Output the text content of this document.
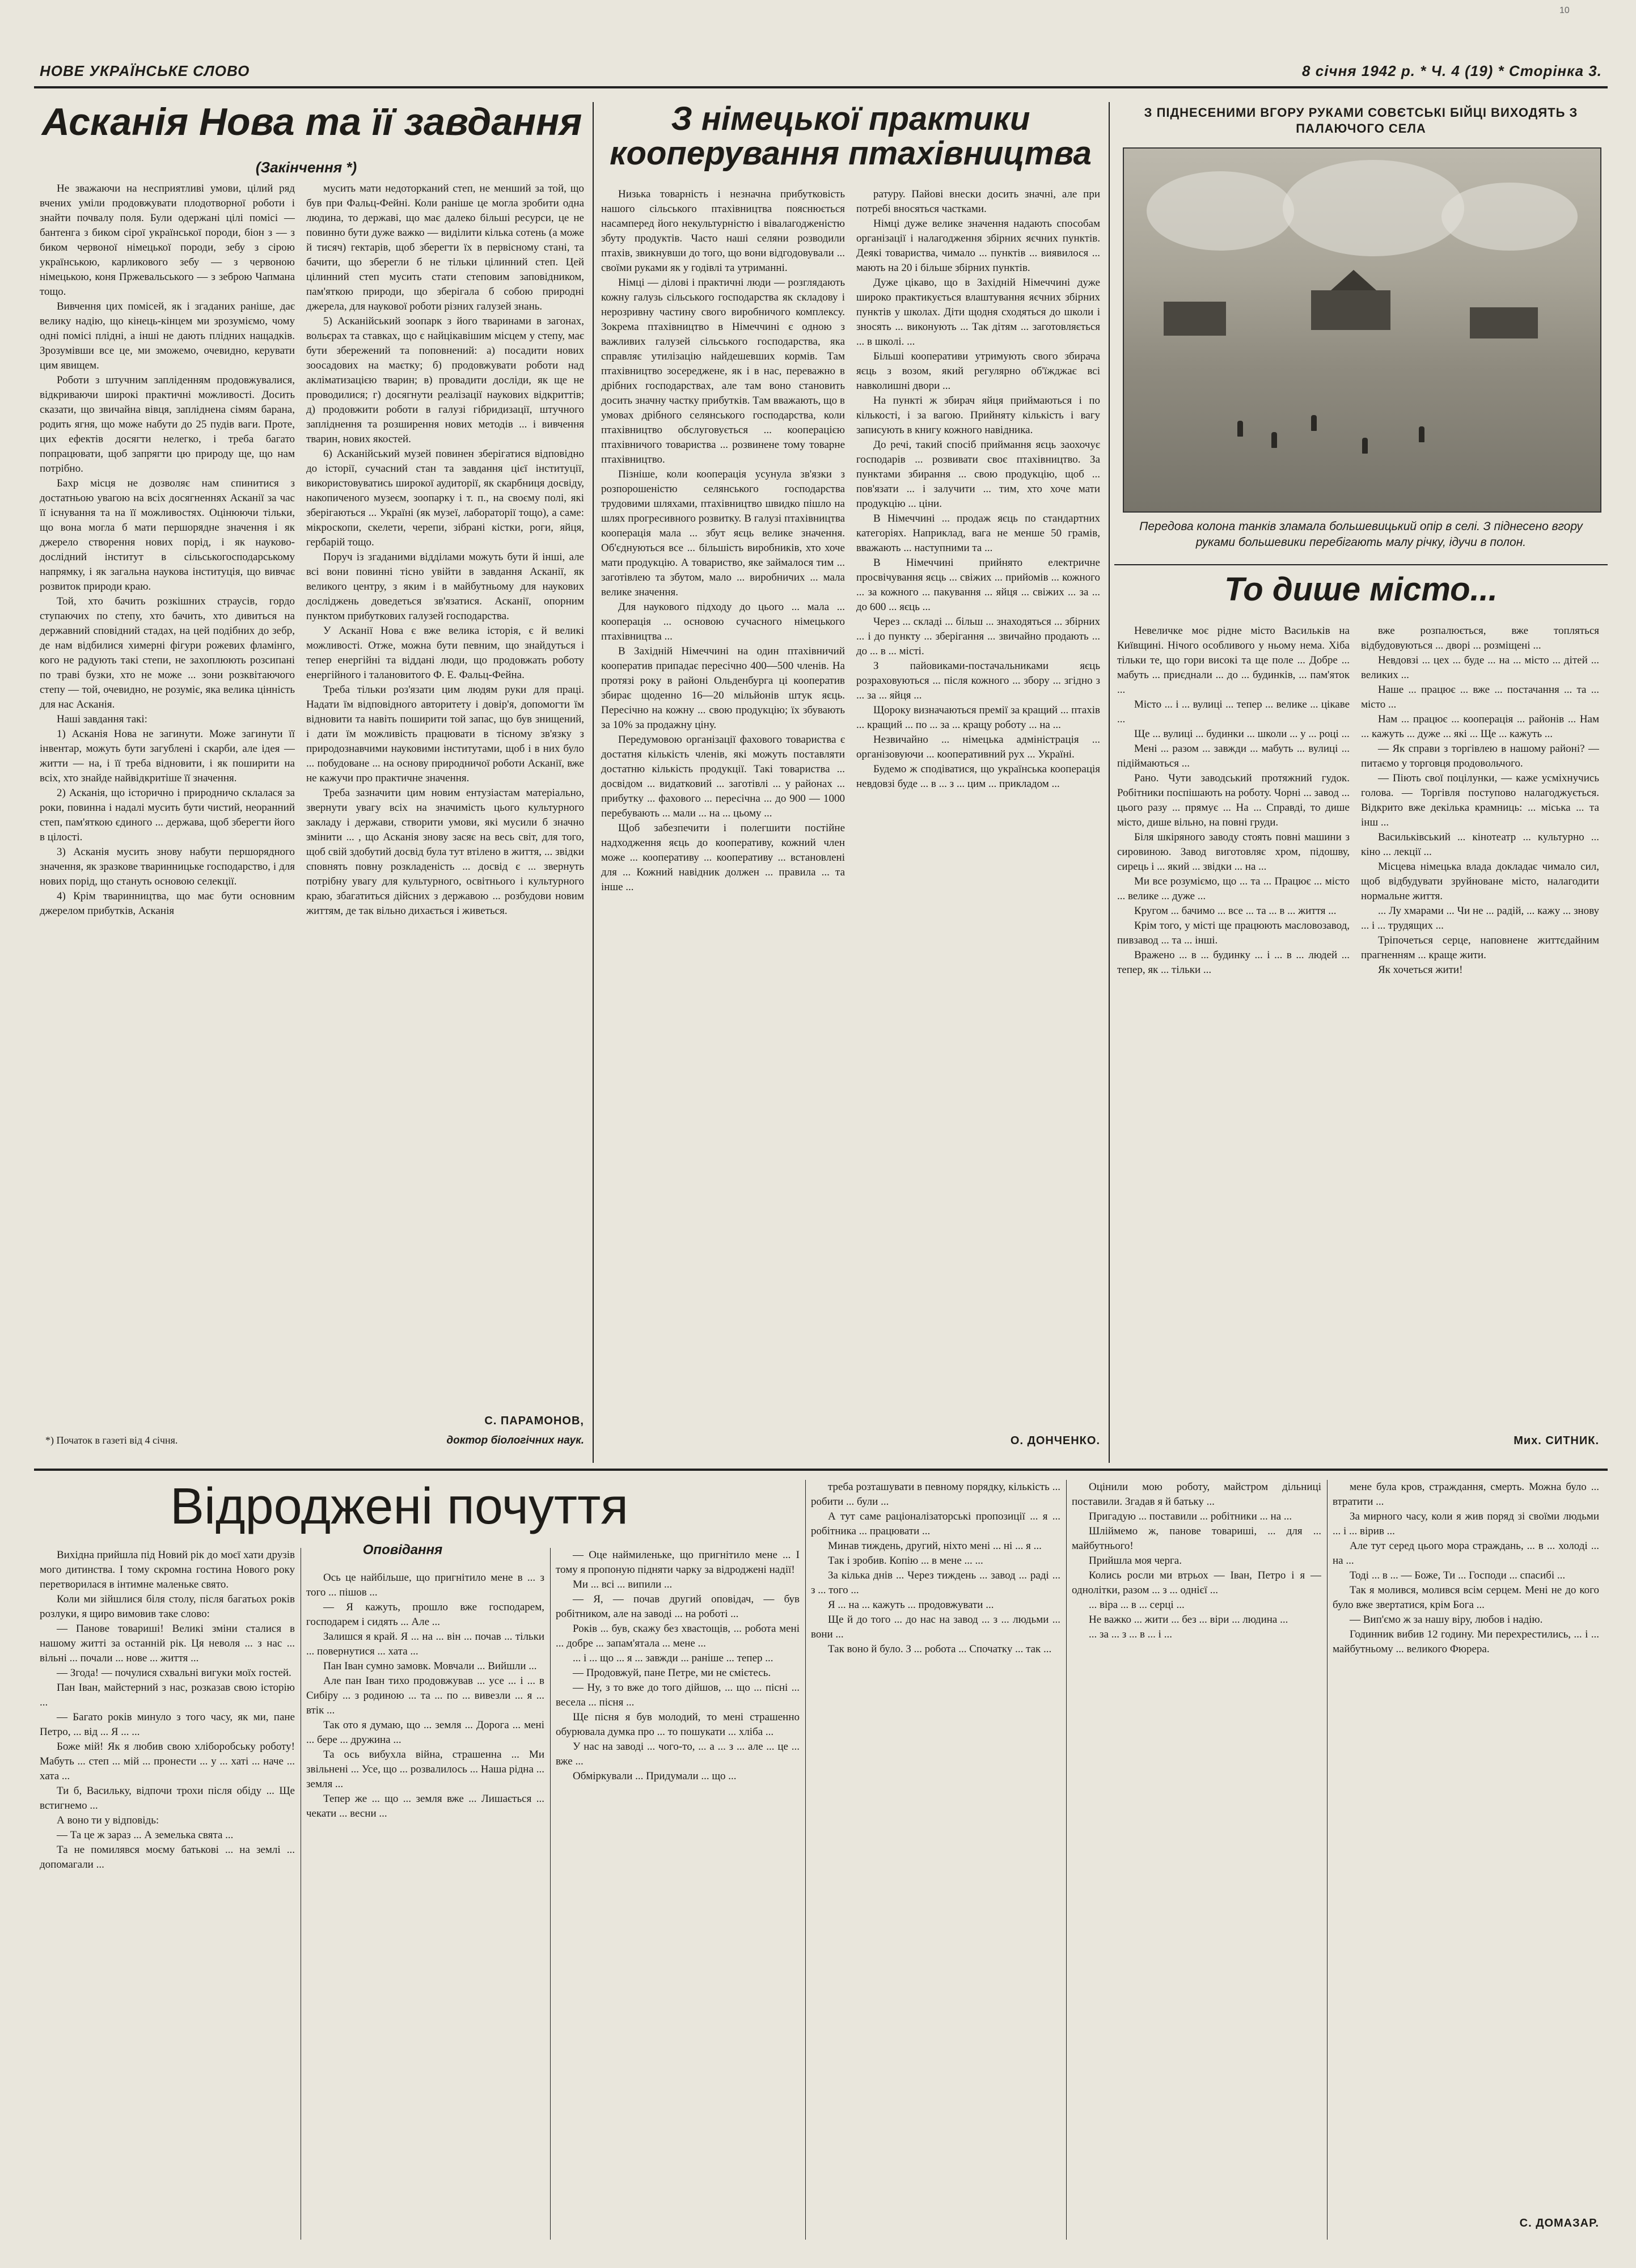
НОВЕ УКРАЇНСЬКЕ СЛОВО	8 січня 1942 р. * Ч. 4 (19) * Сторінка 3.
10
Асканія Нова та її завдання
(Закінчення *)

Не зважаючи на несприятливі умови, цілий ряд вчених уміли продовжувати плодотворної роботи і знайти почвалу поля. Були одержані цілі помісі — бантенга з биком сірої української породи, біон з — з биком червоної німецької породи, зебу з сірою українською, карликового зебу — з червоною німецькою, коня Пржевальського — з зеброю Чапмана тощо.

Вивчення цих помісей, як і згаданих раніше, дає велику надію, що кінець-кінцем ми зрозуміємо, чому одні помісі плідні, а інші не дають плідних нащадків. Зрозумівши все це, ми зможемо, очевидно, керувати цим явищем.

Роботи з штучним запліденням продовжувалися, відкриваючи широкі практичні можливості. Досить сказати, що звичайна вівця, запліднена сімям барана, родить ягня, що може набути до 25 пудів ваги. Проте, цих ефектів досягти нелегко, і треба багато попрацювати, щоб запрягти цю природу ще, що нам потрібно.

Бахр місця не дозволяє нам спинитися з достатньою увагою на всіх досягненнях Асканії за час її існування та на її можливостях. Оцінюючи тільки, що вона могла б мати першорядне значення і як джерело створення нових порід, і як науково-дослідний інститут в сільськогосподарському напрямку, і як загальна наукова інституція, що вивчає розвиток природи краю.

Той, хто бачить розкішних страусів, гордо ступаючих по степу, хто бачить, хто дивиться на державний сповідний стадах, на цей подібних до зебр, де нам відбилися химерні фігури рожевих фламінго, кого не радують такі степи, не захоплюють розсипані по траві бузки, хто не може ... зони розквітаючого степу — той, очевидно, не розуміє, яка велика цінність для нас Асканія.

Наші завдання такі:

1) Асканія Нова не загинути. Може загинути її інвентар, можуть бути загублені і скарби, але ідея — житти — на, і її треба відновити, і як поширити на всіх, хто знайде найвідкритіше її значення.

2) Асканія, що історично і природничо склалася за роки, повинна і надалі мусить бути чистий, неоранний степ, пам'яткою єдиного ... держава, щоб зберегти його в цілості.

3) Асканія мусить знову набути першорядного значення, як зразкове тваринницьке господарство, і для нових порід, що стануть основою селекції.

4) Крім тваринництва, що має бути основним джерелом прибутків, Асканія

мусить мати недоторканий степ, не менший за той, що був при Фальц-Фейні. Коли раніше це могла зробити одна людина, то державі, що має далеко більші ресурси, це не повинно бути дуже важко — виділити кілька сотень (а може й тисяч) гектарів, щоб зберегти їх в первісному стані, та бачити, що зберегли б не тільки цілинний степ. Цей цілинний степ мусить стати степовим заповідником, пам'яткою природи, що зберігала б собою природні джерела, для наукової роботи різних галузей знань.

5) Асканійський зоопарк з його тваринами в загонах, вольєрах та ставках, що є найцікавішим місцем у степу, має бути збережений та поповнений: а) посадити нових зоосадових на маєтку; б) продовжувати роботи над акліматизацією тварин; в) провадити досліди, як ще не проводилися; г) досягнути реалізації наукових відкриттів; д) продовжити роботи в галузі гібридизації, штучного запліднення та розширення нових методів ... і вивчення тварин, нових якостей.

6) Асканійський музей повинен зберігатися відповідно до історії, сучасний стан та завдання цієї інституції, використовуватись широкої аудиторії, як скарбниця досвіду, накопиченого музеєм, зоопарку і т. п., на своєму полі, які зберігаються ... Україні (як музеї, лабораторії тощо), а саме: мікроскопи, скелети, черепи, зібрані кістки, роги, яйця, гербарій тощо.

Поруч із згаданими відділами можуть бути й інші, але всі вони повинні тісно увійти в завдання Асканії, як великого центру, з яким і в майбутньому для наукових досліджень доведеться зв'язатися. Асканії, опорним пунктом прибуткових галузей господарства.

У Асканії Нова є вже велика історія, є й великі можливості. Отже, можна бути певним, що знайдуться і тепер енергійні та віддані люди, що продовжать роботу енергійного і талановитого Ф. Е. Фальц-Фейна.

Треба тільки роз'язати цим людям руки для праці. Надати їм відповідного авторитету і довір'я, допомогти їм відновити та навіть поширити той запас, що був знищений, і дати їм можливість працювати в тісному зв'язку з природознавчими науковими інститутами, щоб і в них було ... побудоване ... на основу природничої роботи Асканії, вже не кажучи про практичне значення.

Треба зазначити цим новим ентузіастам матеріально, звернути увагу всіх на значимість цього культурного закладу і держави, створити умови, які мусили б значно змінити ... , що Асканія знову засяє на весь світ, для того, щоб свій здобутий досвід була тут втілено в життя, ... звідки сповнять повну розкладеність ... досвід є ... звернуть потрібну увагу для культурного, освітнього і культурного краю, збагатиться дійсних з державою ... розбудови новим життям, де так вільно дихається і живеться.

С. ПАРАМОНОВ,
доктор біологічних наук.
*) Початок в газеті від 4 січня.
З німецької практики кооперування птахівництва

Низька товарність і незначна прибутковість нашого сільського птахівництва пояснюється насамперед його некультурністю і вівалагодженістю збуту продуктів. Часто наші селяни розводили птахів, звикнувши до того, що вони відгодовували ... своїми руками як у годівлі та утриманні.

Німці — ділові і практичні люди — розглядають кожну галузь сільського господарства як складову і нерозривну частину свого виробничого комплексу. Зокрема птахівництво в Німеччині є одною з важливих галузей сільського господарства, яка справляє утилізацію найдешевших кормів. Там птахівництво зосереджене, як і в нас, переважно в дрібних господарствах, але там воно становить досить значну частку прибутків. Там вважають, що в умовах дрібного селянського господарства, коли птахівництво обслуговується ... кооперацією птахівничого товариства ... розвинене тому товарне птахівництво.

Пізніше, коли кооперація усунула зв'язки з розпорошеністю селянського господарства трудовими шляхами, птахівництво швидко пішло на шлях прогресивного розвитку. В галузі птахівництва кооперація мала ... збут яєць велике значення. Об'єднуються все ... більшість виробників, хто хоче мати продукцію. А товариство, яке займалося тим ... заготівлею та збутом, мало ... виробничих ... мала велике значення.

Для наукового підходу до цього ... мала ... кооперація ... основою сучасного німецького птахівництва ...

В Західній Німеччині на один птахівничий кооператив припадає пересічно 400—500 членів. На протязі року в районі Ольденбурга ці кооператив збирає щоденно 16—20 мільйонів штук яєць. Пересічно на кожну ... свою продукцію; їх збувають за 10% за продажну ціну.

Передумовою організації фахового товариства є достатня кількість членів, які можуть поставляти достатню кількість продукції. Такі товариства ... досвідом ... видатковий ... заготівлі ... у районах ... прибутку ... фахового ... пересічна ... до 900 — 1000 перебувають ... мали ... на ... цьому ...

Щоб забезпечити і полегшити постійне надходження яєць до кооперативу, кожний член може ... кооперативу ... кооперативу ... встановлені для ... Кожний навідник должен ... правила ... та інше ...

ратуру. Пайові внески досить значні, але при потребі вносяться частками.

Німці дуже велике значення надають способам організації і налагодження збірних яєчних пунктів. Деякі товариства, чимало ... пунктів ... виявилося ... мають на 20 і більше збірних пунктів.

Дуже цікаво, що в Західній Німеччині дуже широко практикується влаштування яєчних збірних пунктів у школах. Діти щодня сходяться до школи і зносять ... виконують ... Так дітям ... заготовляється ... в школі. ...

Більші кооперативи утримують свого збирача яєць з возом, який регулярно об'їжджає всі навколишні двори ...

На пункті ж збирач яйця приймаються і по кількості, і за вагою. Прийняту кількість і вагу записують в книгу кожного навідника.

До речі, такий спосіб приймання яєць заохочує господарів ... розвивати своє птахівництво. За пунктами збирання ... свою продукцію, щоб ... пов'язати ... і залучити ... тим, хто хоче мати продукцію ... ціни.

В Німеччині ... продаж яєць по стандартних категоріях. Наприклад, вага не менше 50 грамів, вважають ... наступними та ...

В Німеччині прийнято електричне просвічування яєць ... свіжих ... прийомів ... кожного ... за кожного ... пакування ... яйця ... свіжих ... за ... до 600 ... яєць ...

Через ... складі ... більш ... знаходяться ... збірних ... і до пункту ... зберігання ... звичайно продають ... до ... в ... місті.

З пайовиками-постачальниками яєць розраховуються ... після кожного ... збору ... згідно з ... за ... яйця ...

Щороку визначаються премії за кращий ... птахів ... кращий ... по ... за ... кращу роботу ... на ...

Незвичайно ... німецька адміністрація ... організовуючи ... кооперативний рух ... Україні.

Будемо ж сподіватися, що українська кооперація невдовзі буде ... в ... з ... цим ... прикладом ...

О. ДОНЧЕНКО.
З ПІДНЕСЕНИМИ ВГОРУ РУКАМИ СОВЄТСЬКІ БІЙЦІ ВИХОДЯТЬ З ПАЛАЮЧОГО СЕЛА
Передова колона танків зламала большевицький опір в селі. З піднесено вгору руками большевики перебігають малу річку, ідучи в полон.
То дише місто...

Невеличке моє рідне місто Васильків на Київщині. Нічого особливого у ньому нема. Хіба тільки те, що гори високі та ще поле ... Добре ... мабуть ... приєднали ... до ... будинків, ... пам'яток ...

Місто ... і ... вулиці ... тепер ... велике ... цікаве ...

Ще ... вулиці ... будинки ... школи ... у ... році ...

Мені ... разом ... завжди ... мабуть ... вулиці ... підіймаються ...

Рано. Чути заводський протяжний гудок. Робітники поспішають на роботу. Чорні ... завод ... цього разу ... прямує ... На ... Справді, то дише місто, дише вільно, на повні груди.

Біля шкіряного заводу стоять повні машини з сировиною. Завод виготовляє хром, підошву, сирець і ... який ... звідки ... на ...

Ми все розуміємо, що ... та ... Працює ... місто ... велике ... дуже ...

Кругом ... бачимо ... все ... та ... в ... життя ...

Крім того, у місті ще працюють масловозавод, пивзавод ... та ... інші.

Вражено ... в ... будинку ... і ... в ... людей ... тепер, як ... тільки ...

вже розпалюється, вже топляться відбудовуються ... дворі ... розміщені ...

Невдовзі ... цех ... буде ... на ... місто ... дітей ... великих ...

Наше ... працює ... вже ... постачання ... та ... місто ...

Нам ... працює ... кооперація ... районів ... Нам ... кажуть ... дуже ... які ... Ще ... кажуть ...

— Як справи з торгівлею в нашому районі? — питаємо у торговця продовольчого.

— Піють свої поцілунки, — каже усміхнучись голова. — Торгівля поступово налагоджується. Відкрито вже декілька крамниць: ... міська ... та інш ...

Васильківський ... кінотеатр ... культурно ... кіно ... лекції ...

Місцева німецька влада докладає чимало сил, щоб відбудувати зруйноване місто, налагодити нормальне життя.

... Лу хмарами ... Чи не ... радій, ... кажу ... знову ... і ... трудящих ...

Тріпочеться серце, наповнене життєдайним прагненням ... краще жити.

Як хочеться жити!

Мих. СИТНИК.
Відроджені почуття
Оповідання

Вихідна прийшла під Новий рік до моєї хати друзів мого дитинства. І тому скромна гостина Нового року перетворилася в інтимне маленьке свято.

Коли ми зійшлися біля столу, після багатьох років розлуки, я щиро вимовив таке слово:

— Панове товариші! Великі зміни сталися в нашому житті за останній рік. Ця неволя ... з нас ... вільні ... почали ... нове ... життя ...

— Згода! — почулися схвальні вигуки моїх гостей.

Пан Іван, майстерний з нас, розказав свою історію ...

— Багато років минуло з того часу, як ми, пане Петро, ... від ... Я ... ...

Боже мій! Як я любив свою хліборобську роботу! Мабуть ... степ ... мій ... пронести ... у ... хаті ... наче ... хата ...

Ти б, Васильку, відпочи трохи після обіду ... Ще встигнемо ...

А воно ти у відповідь:

— Та це ж зараз ... А земелька свята ...

Та не помилявся моєму батькові ... на землі ... допомагали ...

Ось це найбільше, що пригнітило мене в ... з того ... пішов ...

— Я кажуть, прошло вже господарем, господарем і сидять ... Але ...

Залишся я край. Я ... на ... він ... почав ... тільки ... повернутися ... хата ...

Пан Іван сумно замовк. Мовчали ... Вийшли ...

Але пан Іван тихо продовжував ... усе ... і ... в Сибіру ... з родиною ... та ... по ... вивезли ... я ... втік ...

Так ото я думаю, що ... земля ... Дорога ... мені ... бере ... дружина ...

Та ось вибухла війна, страшенна ... Ми звільнені ... Усе, що ... розвалилось ... Наша рідна ... земля ...

Тепер же ... що ... земля вже ... Лишається ... чекати ... весни ...

— Оце наймиленьке, що пригнітило мене ... І тому я пропоную підняти чарку за відроджені надії!

Ми ... всі ... випили ...

— Я, — почав другий оповідач, — був робітником, але на заводі ... на роботі ...

Років ... був, скажу без хвастощів, ... робота мені ... добре ... запам'ятала ... мене ...

... і ... що ... я ... завжди ... раніше ... тепер ...

— Продовжуй, пане Петре, ми не смієтесь.

— Ну, з то вже до того дійшов, ... що ... пісні ... весела ... пісня ...

Ще пісня я був молодий, то мені страшенно обурювала думка про ... то пошукати ... хліба ...

У нас на заводі ... чого-то, ... а ... з ... але ... це ... вже ...

Обміркували ... Придумали ... що ...

треба розташувати в певному порядку, кількість ... робити ... були ...

А тут саме раціоналізаторські пропозиції ... я ... робітника ... працювати ...

Минав тиждень, другий, ніхто мені ... ні ... я ...

Так і зробив. Копію ... в мене ... ...

За кілька днів ... Через тиждень ... завод ... раді ... з ... того ...

Я ... на ... кажуть ... продовжувати ...

Ще й до того ... до нас на завод ... з ... людьми ... вони ...

Так воно й було. З ... робота ... Спочатку ... так ...

Оцінили мою роботу, майстром дільниці поставили. Згадав я й батьку ...

Пригадую ... поставили ... робітники ... на ...

Шліймемо ж, панове товариші, ... для ... майбутнього!

Прийшла моя черга.

Колись росли ми втрьох — Іван, Петро і я — однолітки, разом ... з ... однієї ...

... віра ... в ... серці ...

Не важко ... жити ... без ... віри ... людина ...

... за ... з ... в ... і ...

мене була кров, страждання, смерть. Можна було ... втратити ...

За мирного часу, коли я жив поряд зі своїми людьми ... і ... вірив ...

Але тут серед цього мора страждань, ... в ... холоді ... на ...

Тоді ... в ... — Боже, Ти ... Господи ... спасибі ...

Так я молився, молився всім серцем. Мені не до кого було вже звертатися, крім Бога ...

— Вип'ємо ж за нашу віру, любов і надію.

Годинник вибив 12 годину. Ми перехрестились, ... і ... майбутньому ... великого Фюрера.

С. ДОМАЗАР.
